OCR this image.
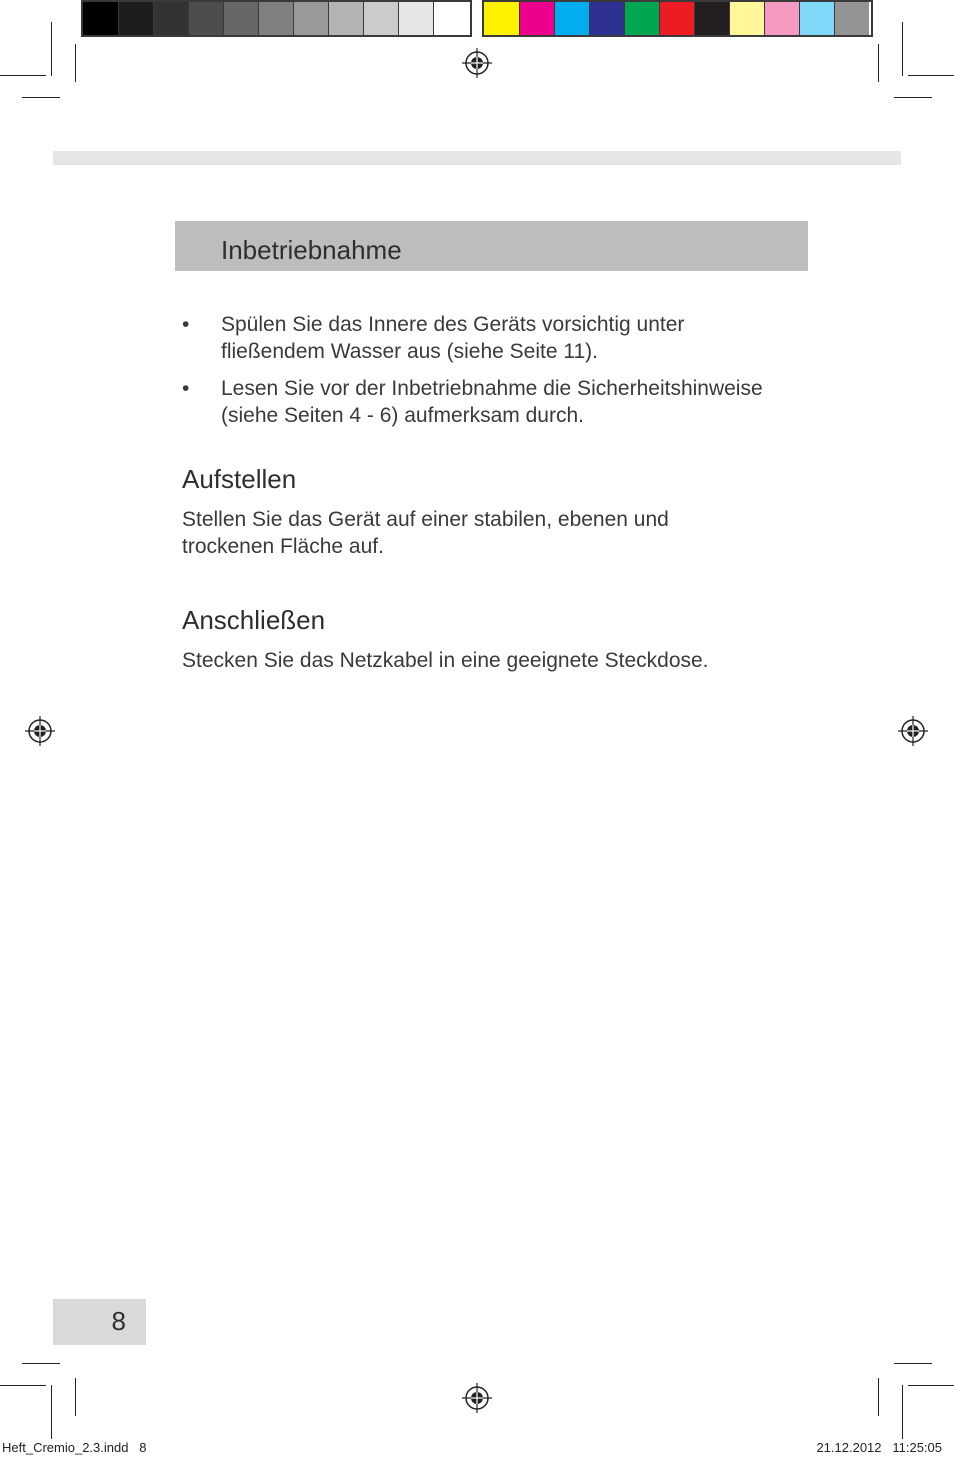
Inbetriebnahme
• Spülen Sie das Innere des Geräts vorsichtig unter
fließendem Wasser aus (siehe Seite 11).
• Lesen Sie vor der Inbetriebnahme die Sicherheitshinweise
(siehe Seiten 4 - 6) aufmerksam durch.
Aufstellen
Stellen Sie das Gerät auf einer stabilen, ebenen und
trockenen Fläche auf.
Anschließen
Stecken Sie das Netzkabel in eine geeignete Steckdose.
8
Heft_Cremio_2.3.indd   8	21.12.2012   11:25:05
